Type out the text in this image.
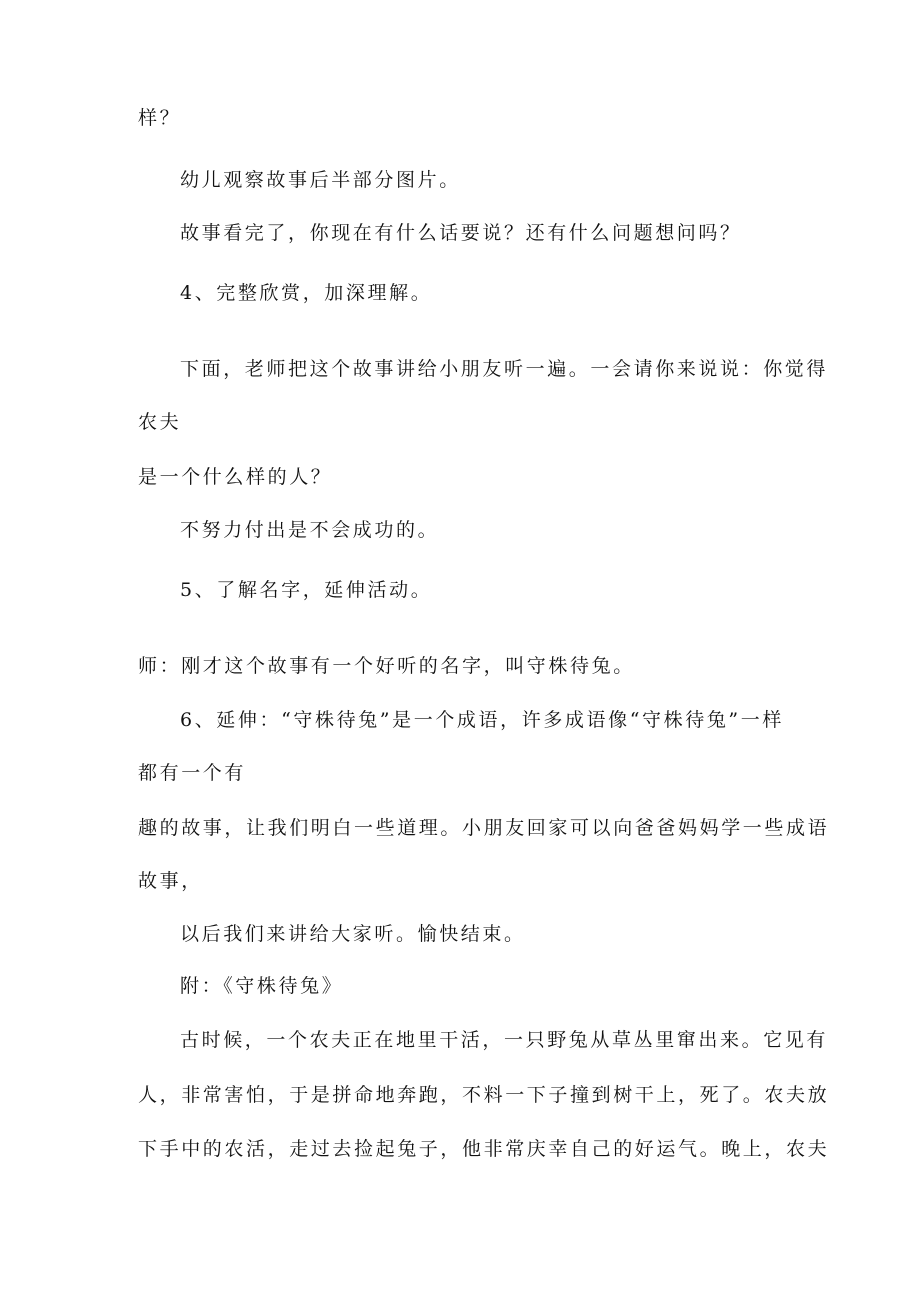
样？
幼儿观察故事后半部分图片。
故事看完了，你现在有什么话要说？还有什么问题想问吗？
4、完整欣赏，加深理解。
下面，老师把这个故事讲给小朋友听一遍。一会请你来说说：你觉得
农夫
是一个什么样的人？
不努力付出是不会成功的。
5、了解名字，延伸活动。
师：刚才这个故事有一个好听的名字，叫守株待兔。
6、延伸：“守株待兔”是一个成语，许多成语像“守株待兔”一样
都有一个有
趣的故事，让我们明白一些道理。小朋友回家可以向爸爸妈妈学一些成语
故事，
以后我们来讲给大家听。愉快结束。
附：《守株待兔》
古时候，一个农夫正在地里干活，一只野兔从草丛里窜出来。它见有
人，非常害怕，于是拼命地奔跑，不料一下子撞到树干上，死了。农夫放
下手中的农活，走过去捡起兔子，他非常庆幸自己的好运气。晚上，农夫
